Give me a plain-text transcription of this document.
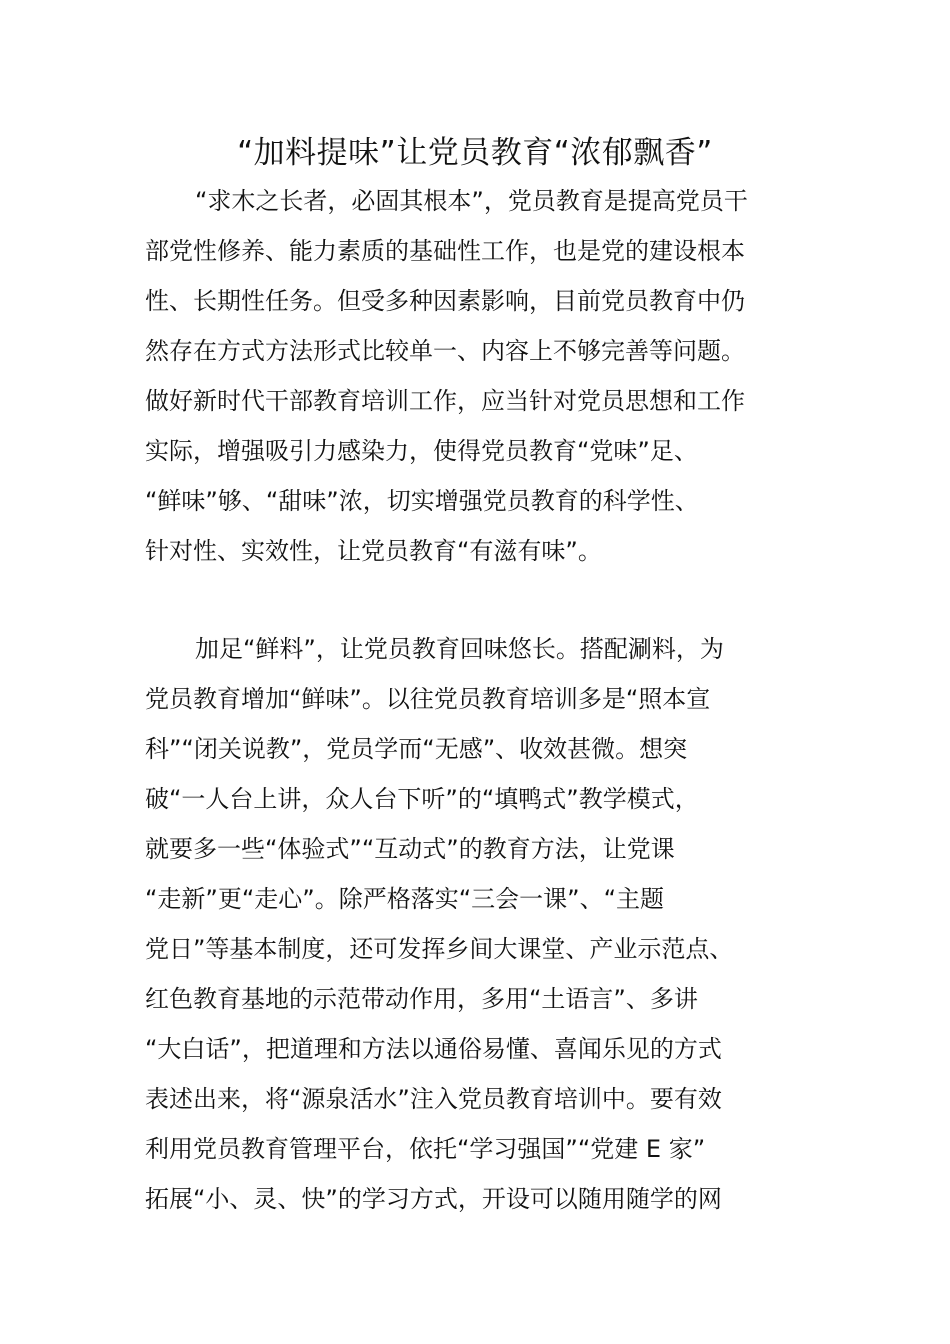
“加料提味”让党员教育“浓郁飘香”

“求木之长者，必固其根本”，党员教育是提高党员干
部党性修养、能力素质的基础性工作，也是党的建设根本
性、长期性任务。但受多种因素影响，目前党员教育中仍
然存在方式方法形式比较单一、内容上不够完善等问题。
做好新时代干部教育培训工作，应当针对党员思想和工作
实际，增强吸引力感染力，使得党员教育“党味”足、
“鲜味”够、“甜味”浓，切实增强党员教育的科学性、
针对性、实效性，让党员教育“有滋有味”。

加足“鲜料”，让党员教育回味悠长。搭配涮料，为
党员教育增加“鲜味”。以往党员教育培训多是“照本宣
科”“闭关说教”，党员学而“无感”、收效甚微。想突
破“一人台上讲，众人台下听”的“填鸭式”教学模式，
就要多一些“体验式”“互动式”的教育方法，让党课
“走新”更“走心”。除严格落实“三会一课”、“主题
党日”等基本制度，还可发挥乡间大课堂、产业示范点、
红色教育基地的示范带动作用，多用“土语言”、多讲
“大白话”，把道理和方法以通俗易懂、喜闻乐见的方式
表述出来，将“源泉活水”注入党员教育培训中。要有效
利用党员教育管理平台，依托“学习强国”“党建 E 家”
拓展“小、灵、快”的学习方式，开设可以随用随学的网
